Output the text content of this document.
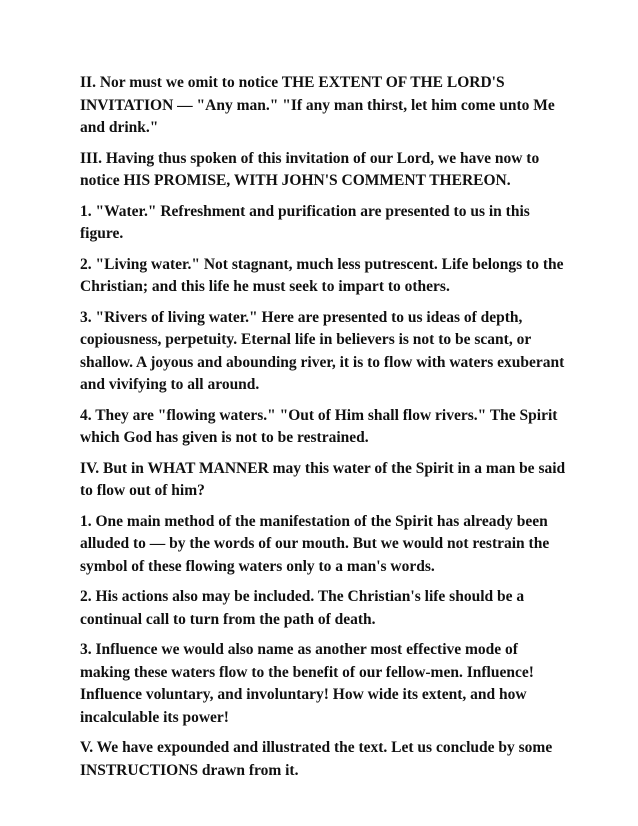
II. Nor must we omit to notice THE EXTENT OF THE LORD'S INVITATION — "Any man." "If any man thirst, let him come unto Me and drink."

III. Having thus spoken of this invitation of our Lord, we have now to notice HIS PROMISE, WITH JOHN'S COMMENT THEREON.

1. "Water." Refreshment and purification are presented to us in this figure.

2. "Living water." Not stagnant, much less putrescent. Life belongs to the Christian; and this life he must seek to impart to others.

3. "Rivers of living water." Here are presented to us ideas of depth, copiousness, perpetuity. Eternal life in believers is not to be scant, or shallow. A joyous and abounding river, it is to flow with waters exuberant and vivifying to all around.

4. They are "flowing waters." "Out of Him shall flow rivers." The Spirit which God has given is not to be restrained.

IV. But in WHAT MANNER may this water of the Spirit in a man be said to flow out of him?

1. One main method of the manifestation of the Spirit has already been alluded to — by the words of our mouth. But we would not restrain the symbol of these flowing waters only to a man's words.

2. His actions also may be included. The Christian's life should be a continual call to turn from the path of death.

3. Influence we would also name as another most effective mode of making these waters flow to the benefit of our fellow-men. Influence! Influence voluntary, and involuntary! How wide its extent, and how incalculable its power!

V. We have expounded and illustrated the text. Let us conclude by some INSTRUCTIONS drawn from it.
